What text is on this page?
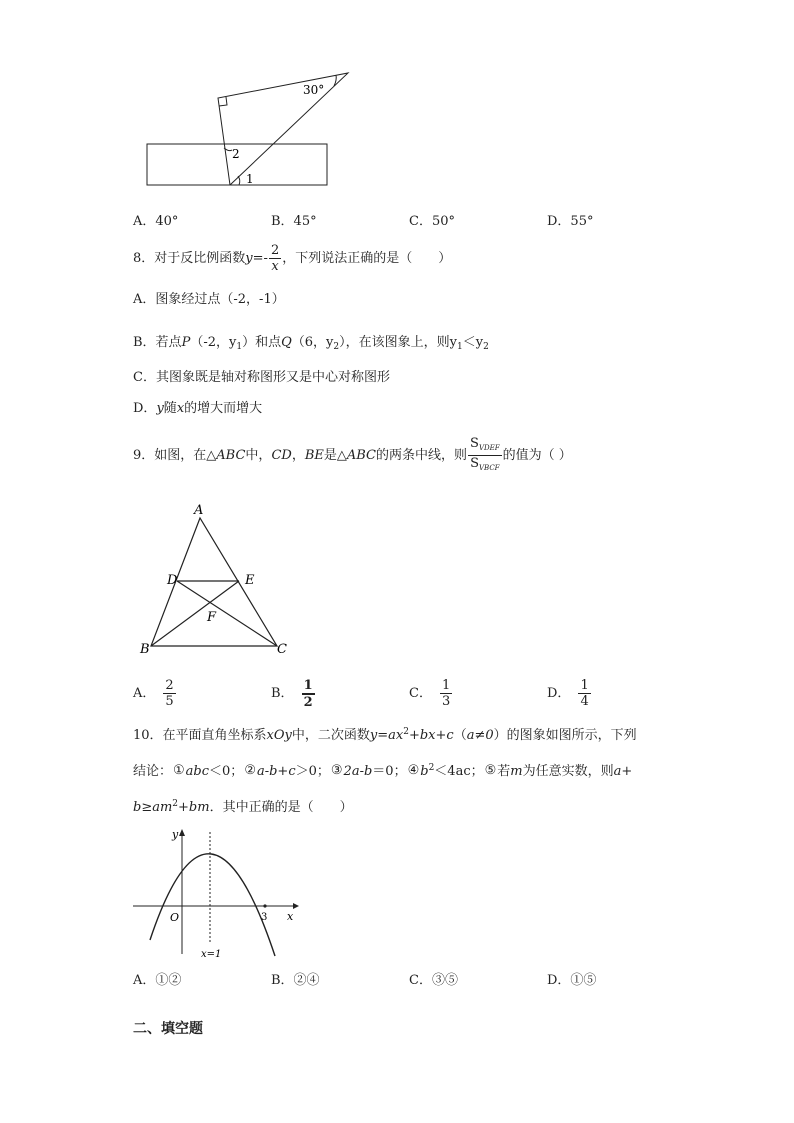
30°
2
1
A．40°	B．45°	C．50°	D．55°
8．对于反比例函数 $y =- \frac{2}{x}$ ，下列说法正确的是（　　）
A．图象经过点（-2，-1）
B．若点P（-2，$y_1$）和点Q（6，$y_2$），在该图象上，则$y_1<y_2$
C．其图象既是轴对称图形又是中心对称图形
D．y随x的增大而增大
9．如图，在△ ABC 中， CD ， BE 是△ ABC 的两条中线，则 $\frac{S_{VDEF}}{S_{VBCF}}$ 的值为（ ）
A
B	C
D	E
F
A． $\frac{2}{5}$	B． $\frac{1}{2}$	C． $\frac{1}{3}$	D． $\frac{1}{4}$
10．在平面直角坐标系xOy中，二次函数$y=ax^2+bx+c(a\ne 0)$的图象如图所示，下列
结论：①abc＜0；②a-b+c＞0；③2a-b＝0；$④b^2<4ac$；⑤若m为任意实数，则a+
$b\ge am^2+bm$．其中正确的是（　　）
y
O	3 x
x=1
A．①②	B．②④	C．③⑤	D．①⑤
二、填空题
